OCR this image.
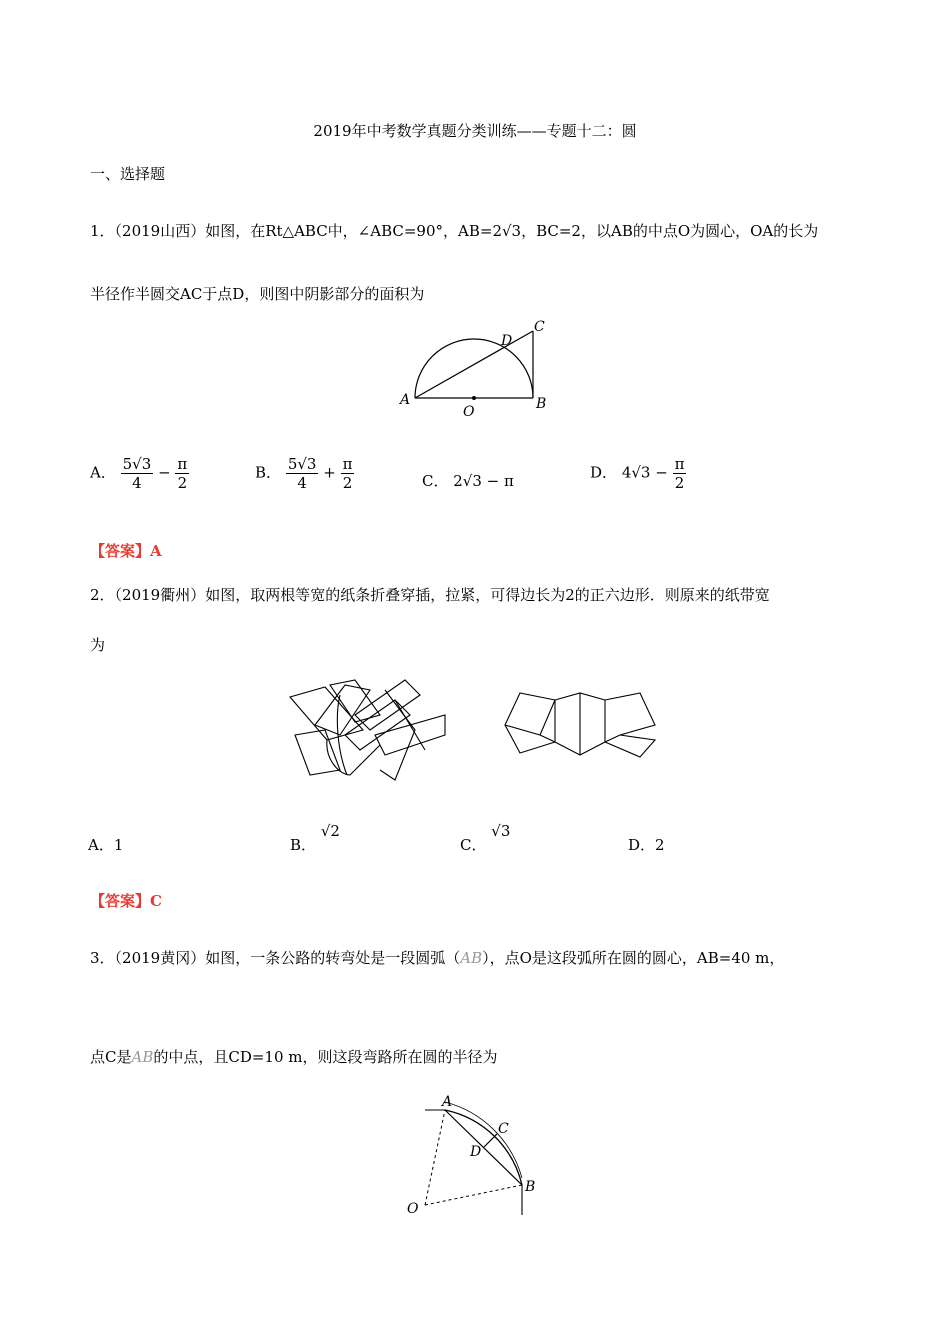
2019年中考数学真题分类训练——专题十二：圆
一、选择题
1．（2019山西）如图，在Rt△ABC中，∠ABC=90°，AB=2√3，BC=2，以AB的中点O为圆心，OA的长为
半径作半圆交AC于点D，则图中阴影部分的面积为
A	B
C
D
O
A． $\frac{5√3}{4} - \frac{\pi}{2}$	B． $\frac{5√3}{4} + \frac{\pi}{2}$	C． 2√3 − π	D． $4√3 - \frac{\pi}{2}$
【答案】A
2．（2019衢州）如图，取两根等宽的纸条折叠穿插，拉紧，可得边长为2的正六边形．则原来的纸带宽
为
A．1	B． √2
C． √3
D．2
【答案】C
3．（2019黄冈）如图，一条公路的转弯处是一段圆弧（AB），点O是这段弧所在圆的圆心，AB=40 m，
点C是AB的中点，且CD=10 m，则这段弯路所在圆的半径为
A
B
C
D
O
